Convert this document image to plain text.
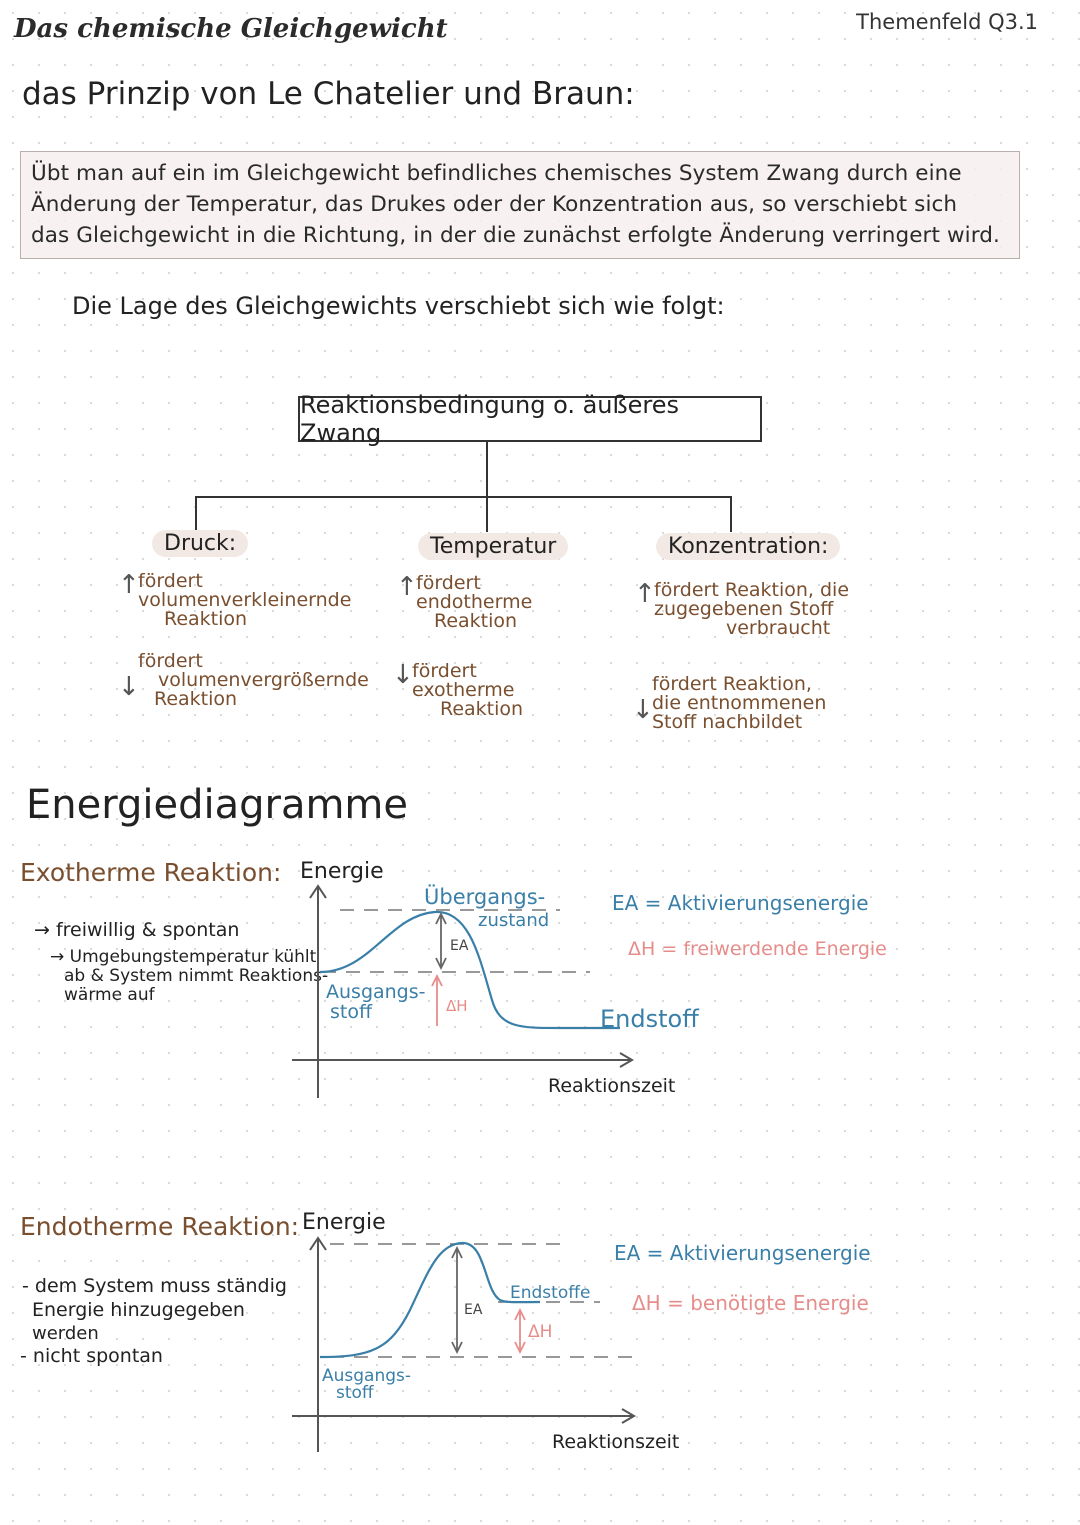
Das chemische Gleichgewicht	Themenfeld Q3.1
das Prinzip von Le Chatelier und Braun:

Übt man auf ein im Gleichgewicht befindliches chemisches System Zwang durch eine

Änderung der Temperatur, das Drukes oder der Konzentration aus, so verschiebt sich

das Gleichgewicht in die Richtung, in der die zunächst erfolgte Änderung verringert wird.

Die Lage des Gleichgewichts verschiebt sich wie folgt:
Reaktionsbedingung o. äußeres Zwang
Druck:
↑
fördert
volumenverkleinernde
Reaktion
↓
fördert
volumenvergrößernde
Reaktion
Temperatur
↑
fördert
endotherme
Reaktion
↓
fördert
exotherme
Reaktion
Konzentration:
↑
fördert Reaktion, die
zugegebenen Stoff
verbraucht
↓
fördert Reaktion,
die entnommenen
Stoff nachbildet
Energiediagramme
Exotherme Reaktion:
→ freiwillig & spontan
→ Umgebungstemperatur kühlt
ab & System nimmt Reaktions-
wärme auf
EA
ΔH
Energie
Reaktionszeit
Übergangs-
zustand
Ausgangs-
stoff	Endstoff
EA = Aktivierungsenergie
ΔH = freiwerdende Energie
EA
ΔH
Energie
Reaktionszeit
Endstoffe
Ausgangs-
stoff
EA = Aktivierungsenergie
ΔH = benötigte Energie
Endotherme Reaktion:
- dem System muss ständig
Energie hinzugegeben
werden
- nicht spontan
